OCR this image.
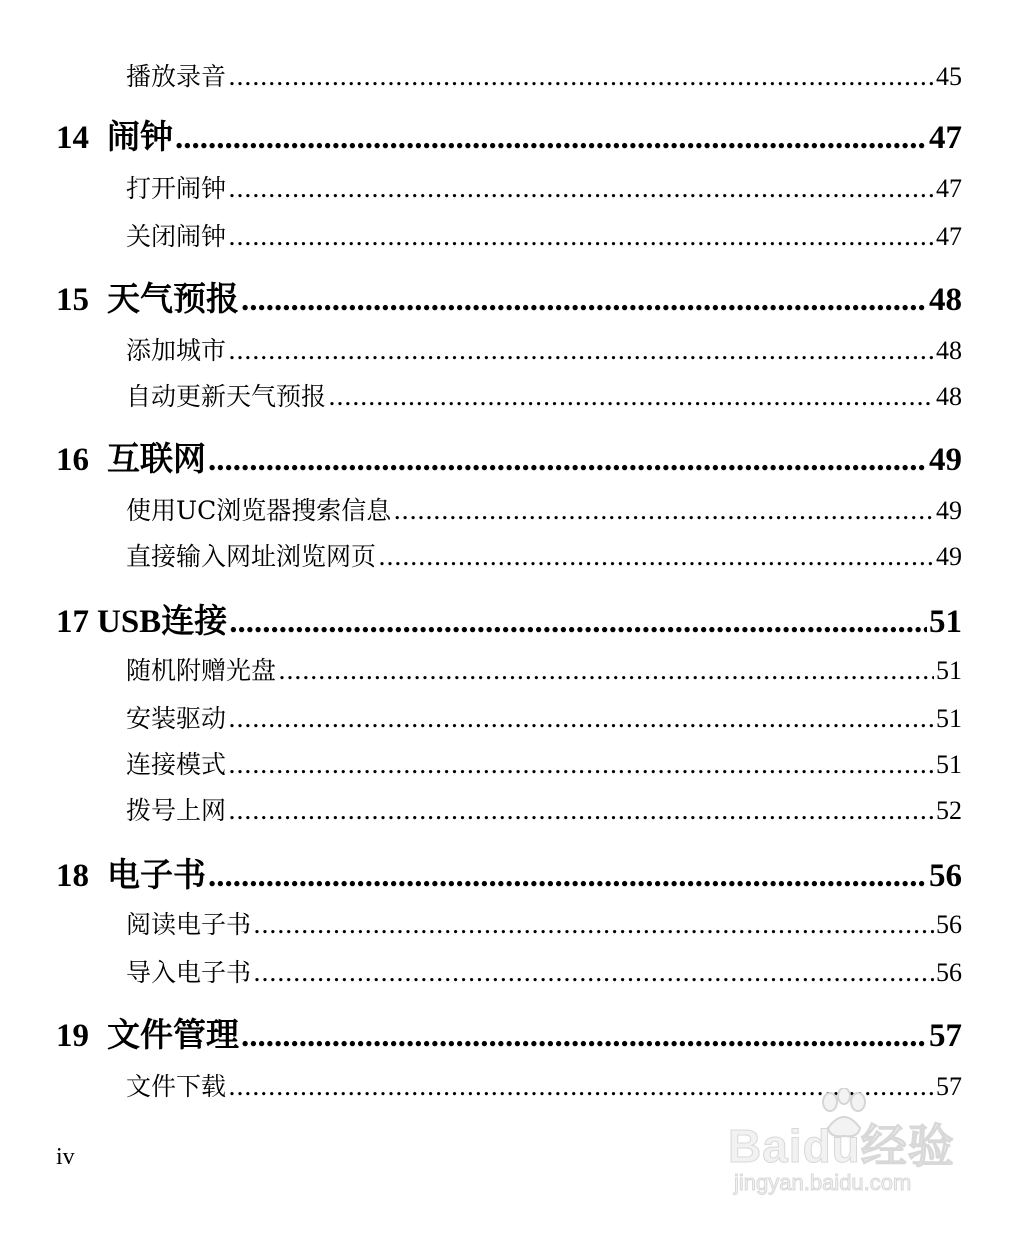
播放录音 .....	45
14 闹钟 .....	47
打开闹钟 .....	47
关闭闹钟 .....	47
15 天气预报 .....	48
添加城市 .....	48
自动更新天气预报 .....	48
16 互联网 .....	49
使用UC浏览器搜索信息 .....	49
直接输入网址浏览网页 .....	49
17 USB连接 .....	51
随机附赠光盘 .....	51
安装驱动 .....	51
连接模式 .....	51
拨号上网 .....	52
18 电子书 .....	56
阅读电子书 .....	56
导入电子书 .....	56
19 文件管理 .....	57
文件下载 .....	57
iv	Baidu经验
jingyan.baidu.com
